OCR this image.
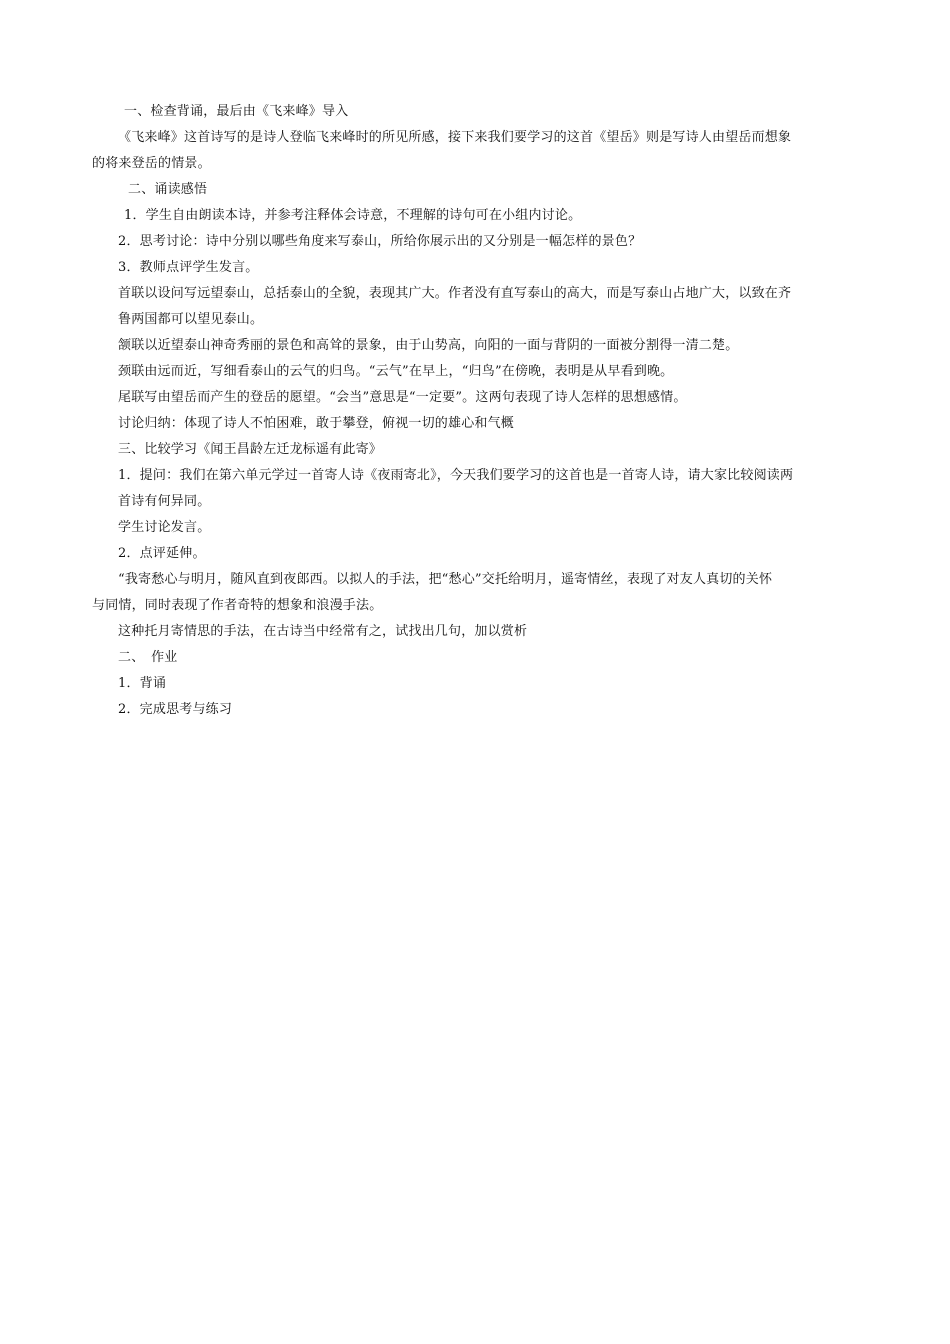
一、检查背诵，最后由《飞来峰》导入
《飞来峰》这首诗写的是诗人登临飞来峰时的所见所感，接下来我们要学习的这首《望岳》则是写诗人由望岳而想象
的将来登岳的情景。
二、诵读感悟
1．学生自由朗读本诗，并参考注释体会诗意，不理解的诗句可在小组内讨论。
2．思考讨论：诗中分别以哪些角度来写泰山，所给你展示出的又分别是一幅怎样的景色？
3．教师点评学生发言。
首联以设问写远望泰山，总括泰山的全貌，表现其广大。作者没有直写泰山的高大，而是写泰山占地广大，以致在齐
鲁两国都可以望见泰山。
颔联以近望泰山神奇秀丽的景色和高耸的景象，由于山势高，向阳的一面与背阴的一面被分割得一清二楚。
颈联由远而近，写细看泰山的云气的归鸟。“云气”在早上，“归鸟”在傍晚，表明是从早看到晚。
尾联写由望岳而产生的登岳的愿望。“会当”意思是“一定要”。这两句表现了诗人怎样的思想感情。
讨论归纳：体现了诗人不怕困难，敢于攀登，俯视一切的雄心和气概
三、比较学习《闻王昌龄左迁龙标遥有此寄》
1．提问：我们在第六单元学过一首寄人诗《夜雨寄北》，今天我们要学习的这首也是一首寄人诗，请大家比较阅读两
首诗有何异同。
学生讨论发言。
2．点评延伸。
“我寄愁心与明月，随风直到夜郎西。以拟人的手法，把“愁心”交托给明月，遥寄情丝，表现了对友人真切的关怀
与同情，同时表现了作者奇特的想象和浪漫手法。
这种托月寄情思的手法，在古诗当中经常有之，试找出几句，加以赏析
二、　作业
1．背诵
2．完成思考与练习
